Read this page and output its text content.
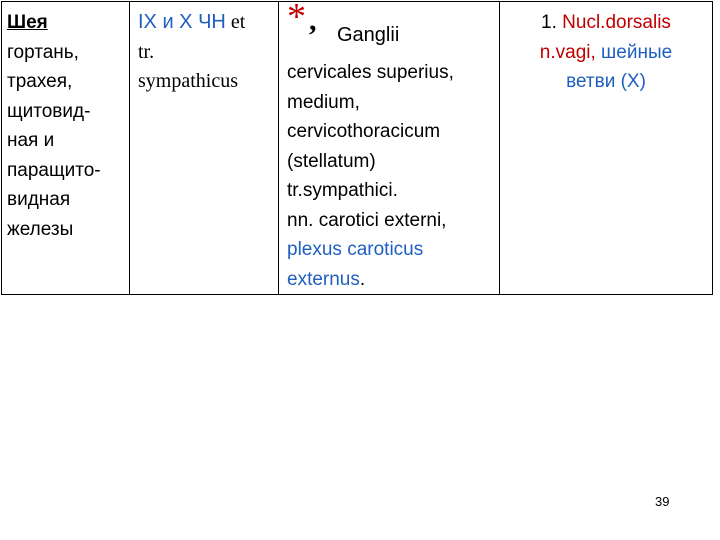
Шея
гортань,
трахея,
щитовид-
ная и
паращито-
видная
железы
IX и X ЧН et
tr.
sympathicus
* , Ganglii
cervicales superius,
medium,
cervicothoracicum
(stellatum)
tr.sympathici.
nn. carotici externi,
plexus caroticus
externus.
1. Nucl.dorsalis
n.vagi, шейные
ветви (X)
39
